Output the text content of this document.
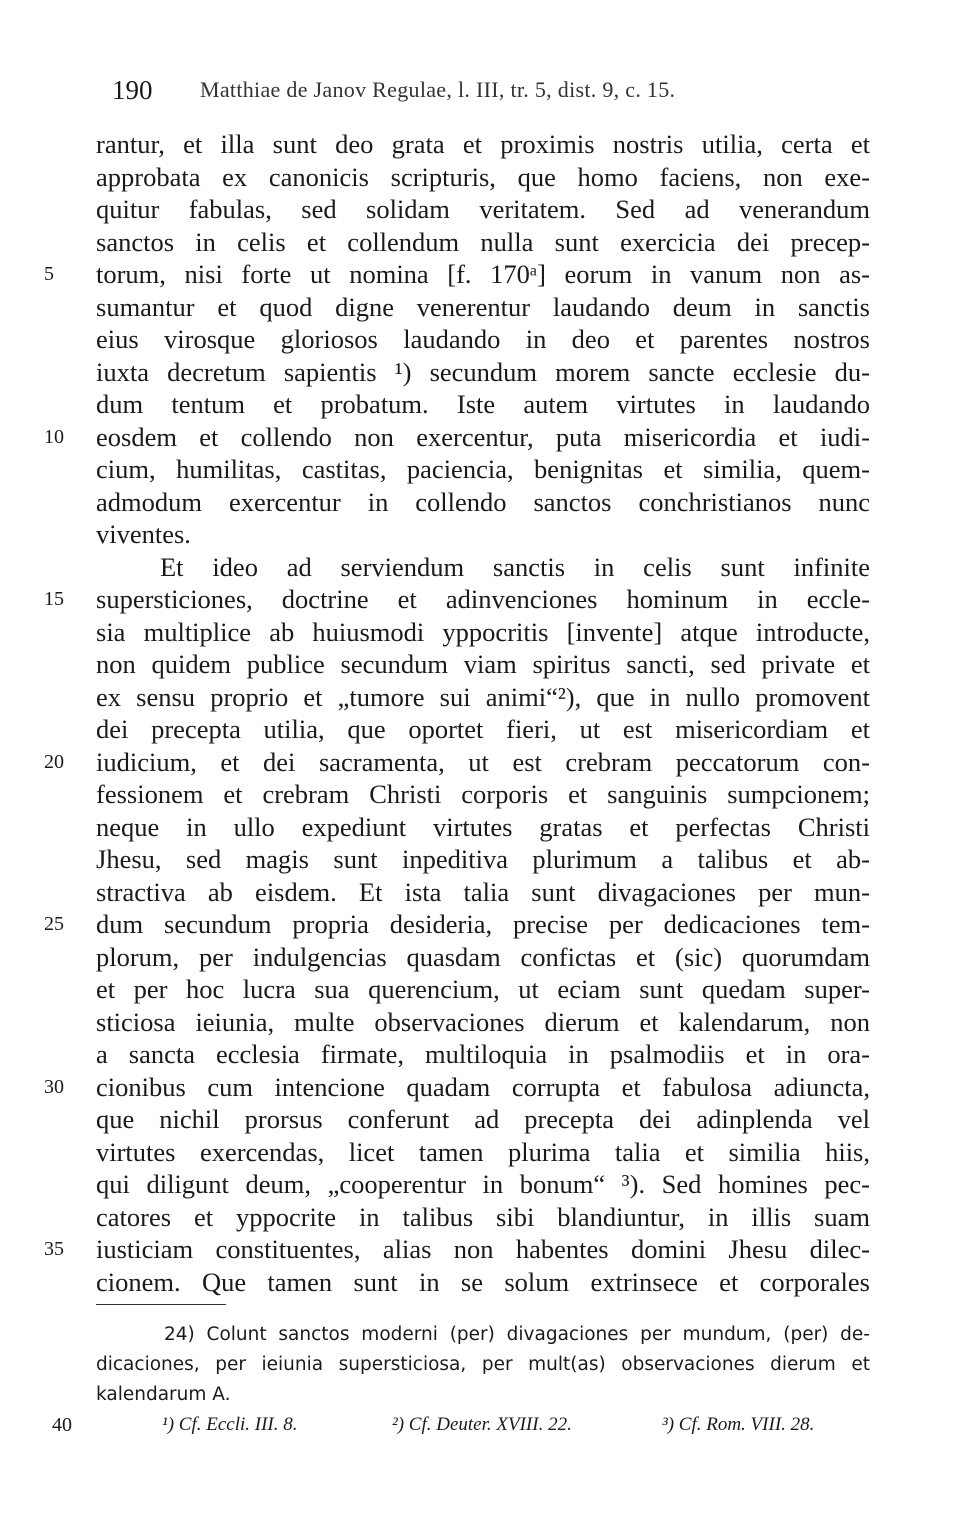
190 Matthiae de Janov Regulae, l. III, tr. 5, dist. 9, c. 15.
rantur, et illa sunt deo grata et proximis nostris utilia, certa et
approbata ex canonicis scripturis, que homo faciens, non exe-
quitur fabulas, sed solidam veritatem. Sed ad venerandum
sanctos in celis et collendum nulla sunt exercicia dei precep-
5	torum, nisi forte ut nomina [f. 170ᵃ] eorum in vanum non as-
sumantur et quod digne venerentur laudando deum in sanctis
eius virosque gloriosos laudando in deo et parentes nostros
iuxta decretum sapientis ¹) secundum morem sancte ecclesie du-
dum tentum et probatum. Iste autem virtutes in laudando
10	eosdem et collendo non exercentur, puta misericordia et iudi-
cium, humilitas, castitas, paciencia, benignitas et similia, quem-
admodum exercentur in collendo sanctos conchristianos nunc
viventes.
Et ideo ad serviendum sanctis in celis sunt infinite
15	supersticiones, doctrine et adinvenciones hominum in eccle-
sia multiplice ab huiusmodi yppocritis [invente] atque introducte,
non quidem publice secundum viam spiritus sancti, sed private et
ex sensu proprio et „tumore sui animi“²), que in nullo promovent
dei precepta utilia, que oportet fieri, ut est misericordiam et
20	iudicium, et dei sacramenta, ut est crebram peccatorum con-
fessionem et crebram Christi corporis et sanguinis sumpcionem;
neque in ullo expediunt virtutes gratas et perfectas Christi
Jhesu, sed magis sunt inpeditiva plurimum a talibus et ab-
stractiva ab eisdem. Et ista talia sunt divagaciones per mun-
25	dum secundum propria desideria, precise per dedicaciones tem-
plorum, per indulgencias quasdam confictas et (sic) quorumdam
et per hoc lucra sua querencium, ut eciam sunt quedam super-
sticiosa ieiunia, multe observaciones dierum et kalendarum, non
a sancta ecclesia firmate, multiloquia in psalmodiis et in ora-
30	cionibus cum intencione quadam corrupta et fabulosa adiuncta,
que nichil prorsus conferunt ad precepta dei adinplenda vel
virtutes exercendas, licet tamen plurima talia et similia hiis,
qui diligunt deum, „cooperentur in bonum“ ³). Sed homines pec-
catores et yppocrite in talibus sibi blandiuntur, in illis suam
35	iusticiam constituentes, alias non habentes domini Jhesu dilec-
cionem. Que tamen sunt in se solum extrinsece et corporales
24) Colunt sanctos moderni (per) divagaciones per mundum, (per) de-
dicaciones, per ieiunia supersticiosa, per mult(as) observaciones dierum et
kalendarum A.
40	¹) Cf. Eccli. III. 8.	²) Cf. Deuter. XVIII. 22.	³) Cf. Rom. VIII. 28.
